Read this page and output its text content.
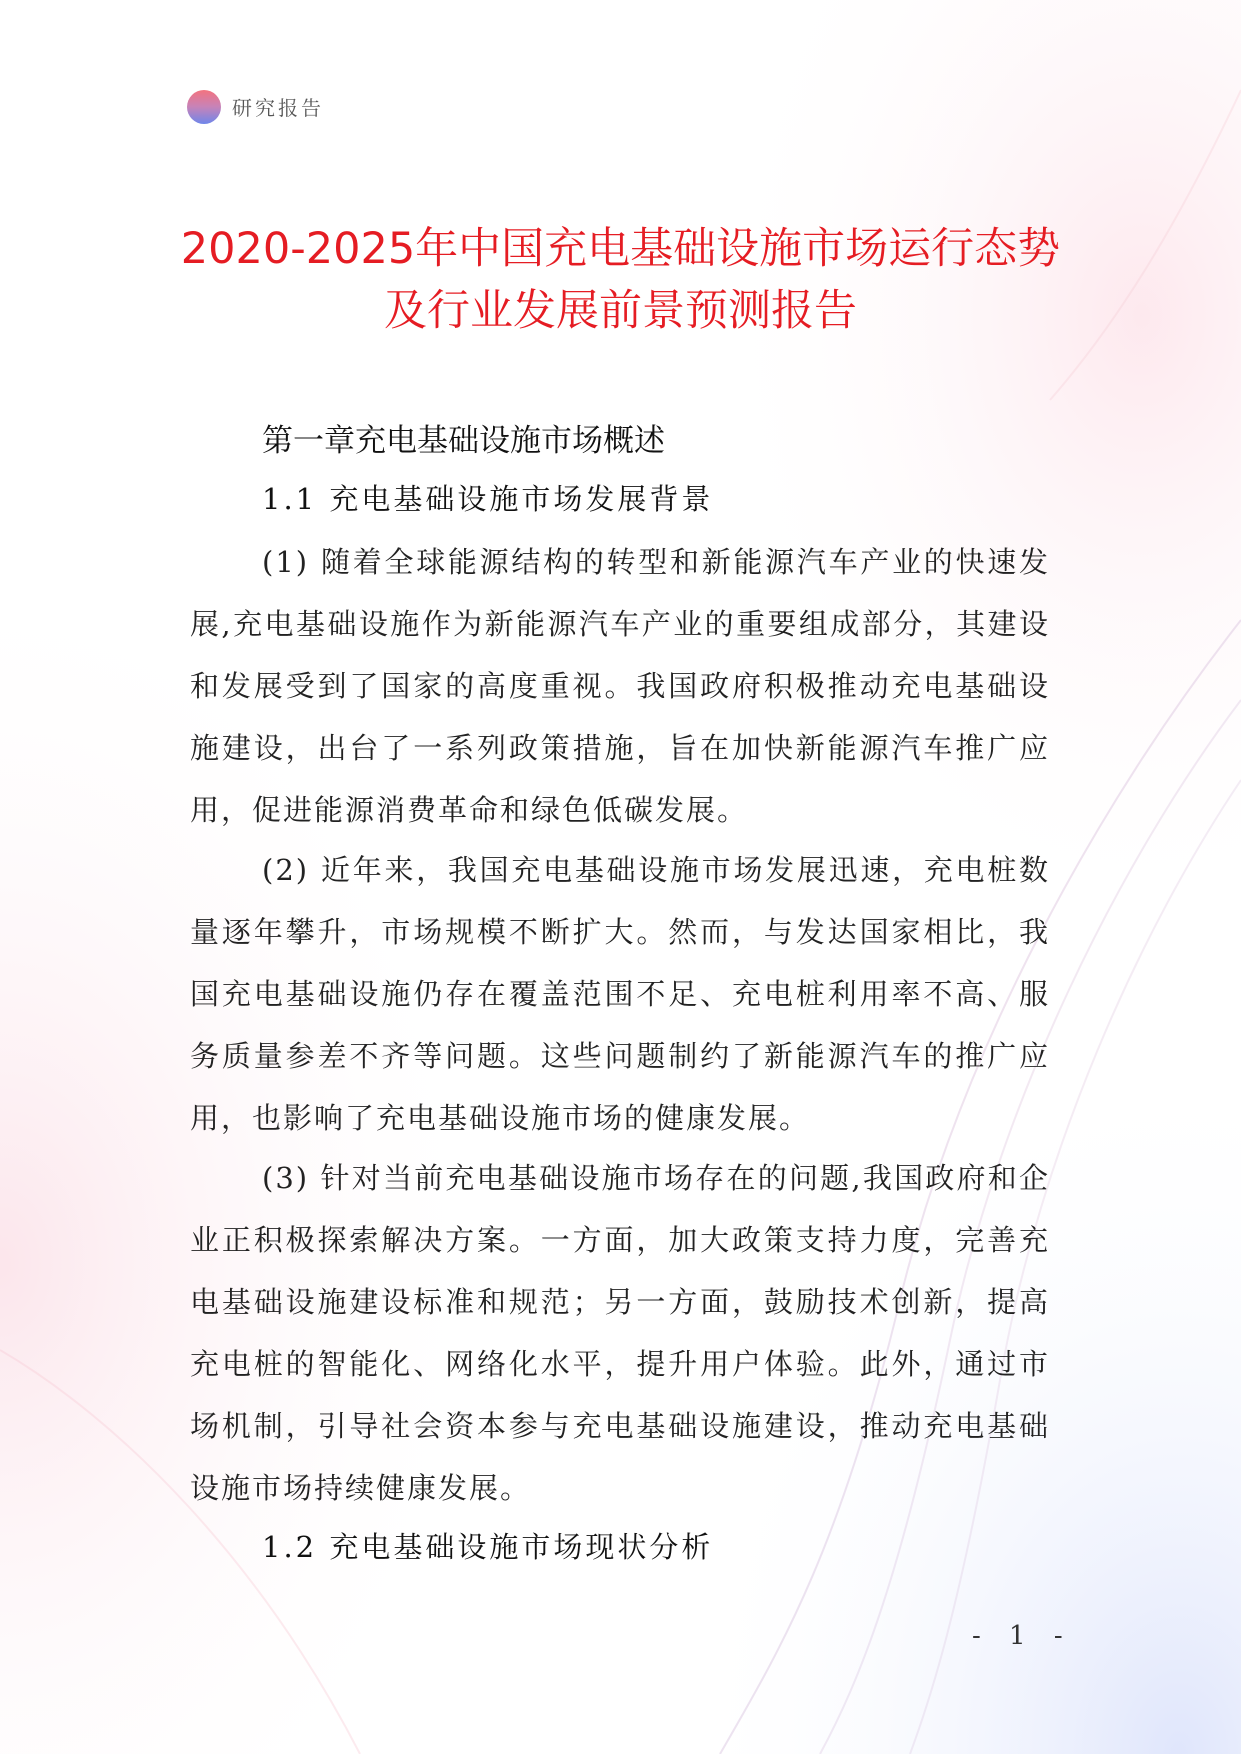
研究报告
2020-2025年中国充电基础设施市场运行态势及行业发展前景预测报告
第一章充电基础设施市场概述
1.1 充电基础设施市场发展背景

(1) 随着全球能源结构的转型和新能源汽车产业的快速发展,充电基础设施作为新能源汽车产业的重要组成部分，其建设和发展受到了国家的高度重视。我国政府积极推动充电基础设施建设，出台了一系列政策措施，旨在加快新能源汽车推广应用，促进能源消费革命和绿色低碳发展。

(2) 近年来，我国充电基础设施市场发展迅速，充电桩数量逐年攀升，市场规模不断扩大。然而，与发达国家相比，我国充电基础设施仍存在覆盖范围不足、充电桩利用率不高、服务质量参差不齐等问题。这些问题制约了新能源汽车的推广应用，也影响了充电基础设施市场的健康发展。

(3) 针对当前充电基础设施市场存在的问题,我国政府和企业正积极探索解决方案。一方面，加大政策支持力度，完善充电基础设施建设标准和规范；另一方面，鼓励技术创新，提高充电桩的智能化、网络化水平，提升用户体验。此外，通过市场机制，引导社会资本参与充电基础设施建设，推动充电基础设施市场持续健康发展。

1.2 充电基础设施市场现状分析
- 1 -
